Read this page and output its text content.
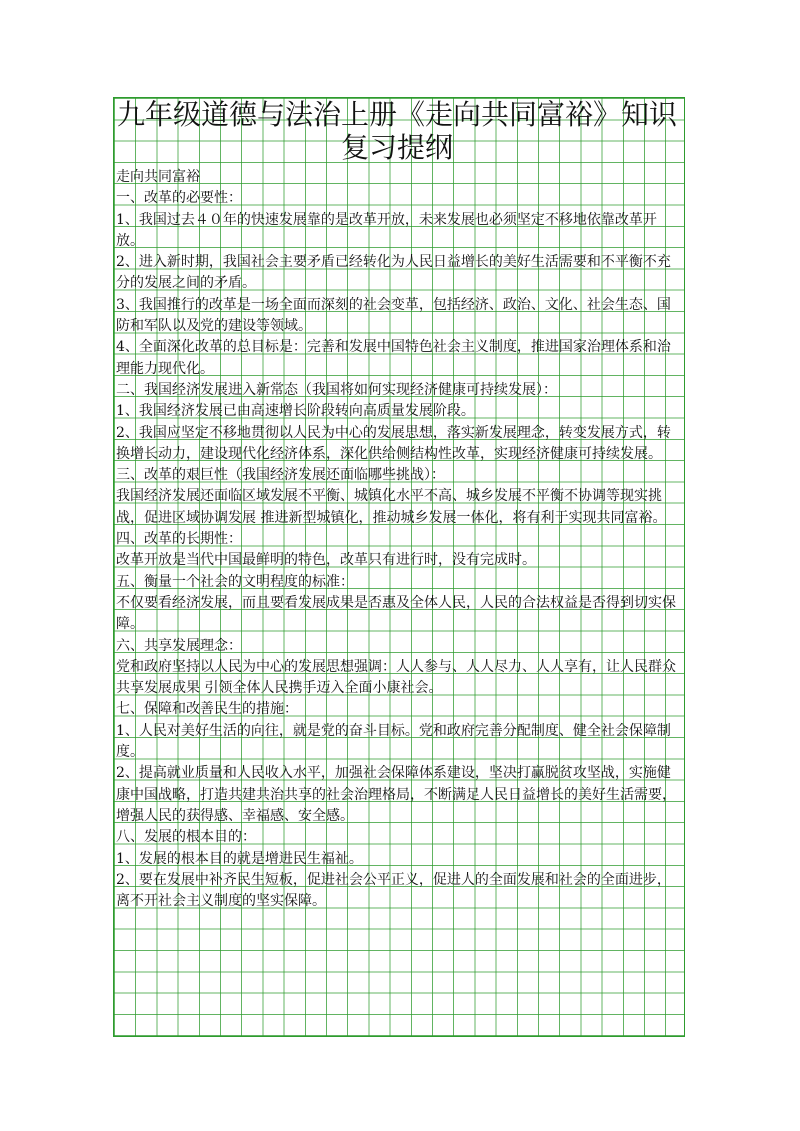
九年级道德与法治上册《走向共同富裕》知识复习提纲

走向共同富裕

一、改革的必要性：

1、我国过去４０年的快速发展靠的是改革开放，未来发展也必须坚定不移地依靠改革开放。

2、进入新时期，我国社会主要矛盾已经转化为人民日益增长的美好生活需要和不平衡不充分的发展之间的矛盾。

3、我国推行的改革是一场全面而深刻的社会变革，包括经济、政治、文化、社会生态、国防和军队以及党的建设等领域。

4、全面深化改革的总目标是：完善和发展中国特色社会主义制度，推进国家治理体系和治理能力现代化。

二、我国经济发展进入新常态（我国将如何实现经济健康可持续发展）：

1、我国经济发展已由高速增长阶段转向高质量发展阶段。

2、我国应坚定不移地贯彻以人民为中心的发展思想，落实新发展理念，转变发展方式，转换增长动力，建设现代化经济体系，深化供给侧结构性改革，实现经济健康可持续发展。

三、改革的艰巨性（我国经济发展还面临哪些挑战）：

我国经济发展还面临区域发展不平衡、城镇化水平不高、城乡发展不平衡不协调等现实挑战，促进区域协调发展 推进新型城镇化，推动城乡发展一体化，将有利于实现共同富裕。

四、改革的长期性：

改革开放是当代中国最鲜明的特色，改革只有进行时，没有完成时。

五、衡量一个社会的文明程度的标准：

不仅要看经济发展，而且要看发展成果是否惠及全体人民，人民的合法权益是否得到切实保障。

六、共享发展理念：

党和政府坚持以人民为中心的发展思想强调：人人参与、人人尽力、人人享有，让人民群众共享发展成果 引领全体人民携手迈入全面小康社会。

七、保障和改善民生的措施：

1、人民对美好生活的向往，就是党的奋斗目标。党和政府完善分配制度、健全社会保障制度。

2、提高就业质量和人民收入水平，加强社会保障体系建设，坚决打赢脱贫攻坚战，实施健康中国战略，打造共建共治共享的社会治理格局，不断满足人民日益增长的美好生活需要，增强人民的获得感、幸福感、安全感。

八、发展的根本目的：

1、发展的根本目的就是增进民生福祉。

2、要在发展中补齐民生短板，促进社会公平正义，促进人的全面发展和社会的全面进步，离不开社会主义制度的坚实保障。
